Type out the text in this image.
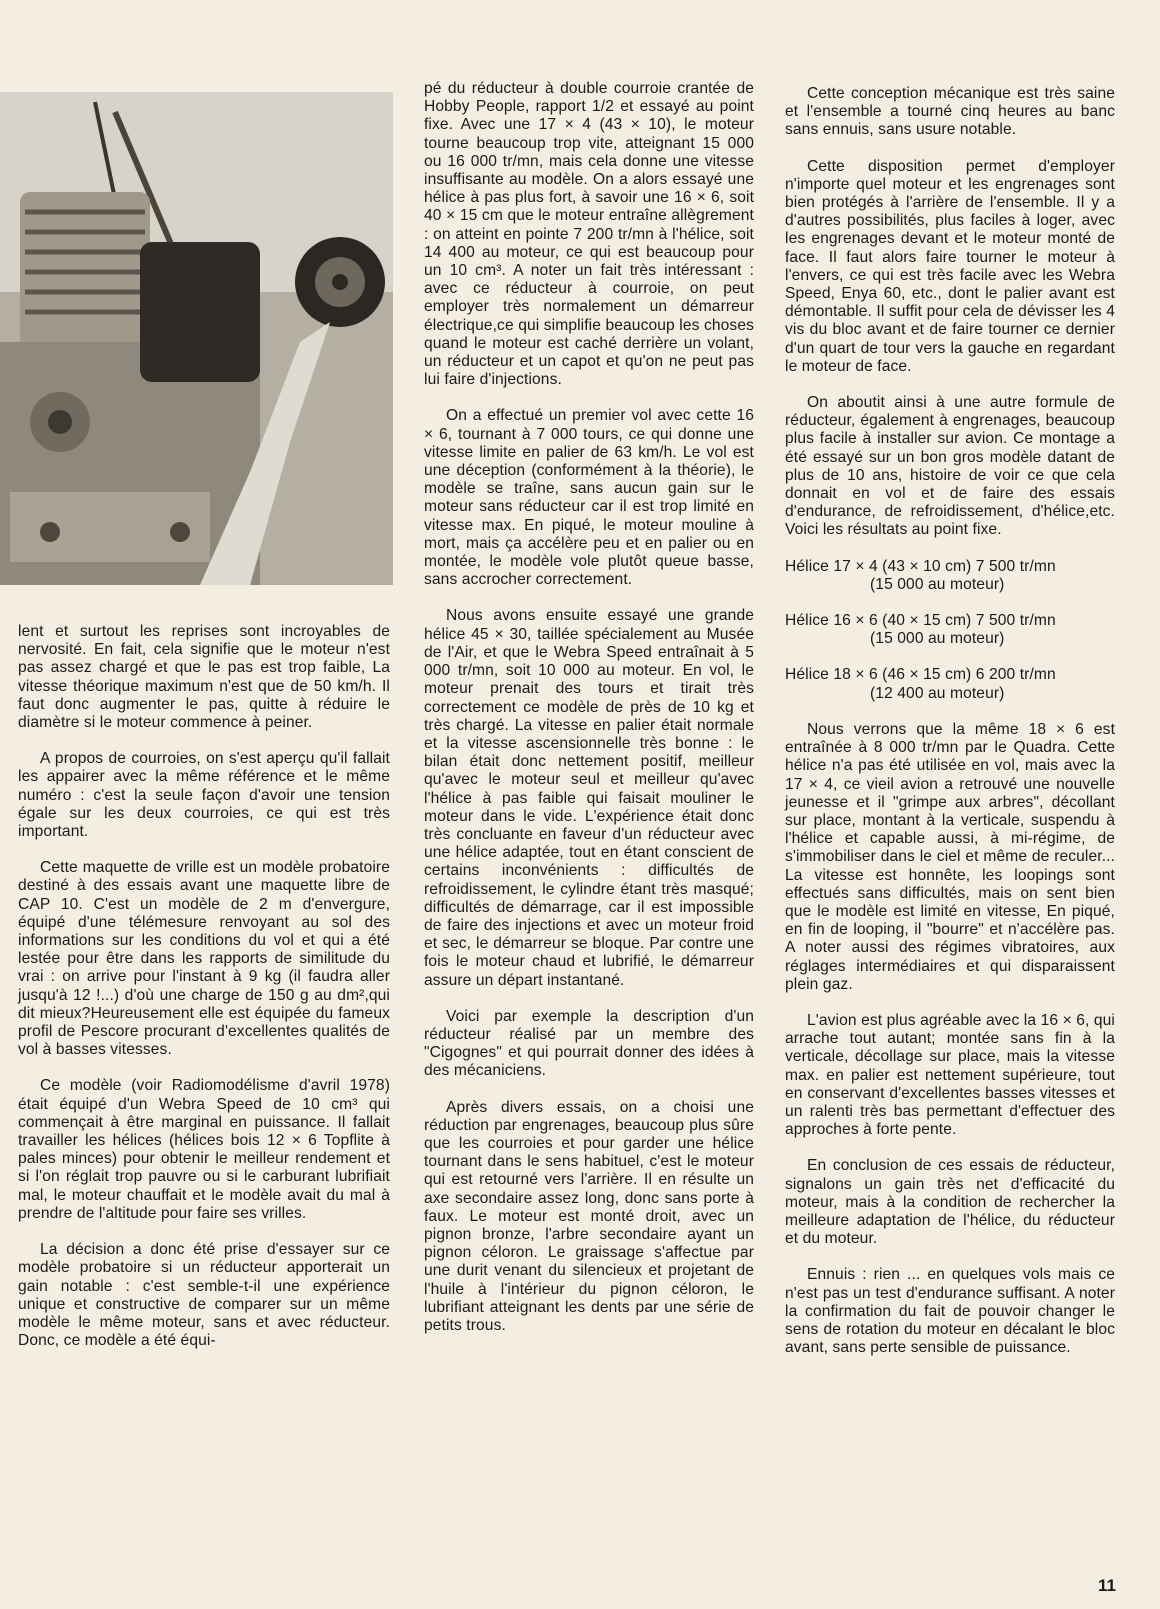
lent et surtout les reprises sont incroyables de nervosité. En fait, cela signifie que le moteur n'est pas assez chargé et que le pas est trop faible, La vitesse théorique maximum n'est que de 50 km/h. Il faut donc augmenter le pas, quitte à réduire le diamètre si le moteur commence à peiner.

A propos de courroies, on s'est aperçu qu'il fallait les appairer avec la même référence et le même numéro : c'est la seule façon d'avoir une tension égale sur les deux courroies, ce qui est très important.

Cette maquette de vrille est un modèle probatoire destiné à des essais avant une maquette libre de CAP 10. C'est un modèle de 2 m d'envergure, équipé d'une télémesure renvoyant au sol des informations sur les conditions du vol et qui a été lestée pour être dans les rapports de similitude du vrai : on arrive pour l'instant à 9 kg (il faudra aller jusqu'à 12 !...) d'où une charge de 150 g au dm²,qui dit mieux?Heureusement elle est équipée du fameux profil de Pescore procurant d'excellentes qualités de vol à basses vitesses.

Ce modèle (voir Radiomodélisme d'avril 1978) était équipé d'un Webra Speed de 10 cm³ qui commençait à être marginal en puissance. Il fallait travailler les hélices (hélices bois 12 × 6 Topflite à pales minces) pour obtenir le meilleur rendement et si l'on réglait trop pauvre ou si le carburant lubrifiait mal, le moteur chauffait et le modèle avait du mal à prendre de l'altitude pour faire ses vrilles.

La décision a donc été prise d'essayer sur ce modèle probatoire si un réducteur apporterait un gain notable : c'est semble-t-il une expérience unique et constructive de comparer sur un même modèle le même moteur, sans et avec réducteur. Donc, ce modèle a été équi-

pé du réducteur à double courroie crantée de Hobby People, rapport 1/2 et essayé au point fixe. Avec une 17 × 4 (43 × 10), le moteur tourne beaucoup trop vite, atteignant 15 000 ou 16 000 tr/mn, mais cela donne une vitesse insuffisante au modèle. On a alors essayé une hélice à pas plus fort, à savoir une 16 × 6, soit 40 × 15 cm que le moteur entraîne allègrement : on atteint en pointe 7 200 tr/mn à l'hélice, soit 14 400 au moteur, ce qui est beaucoup pour un 10 cm³. A noter un fait très intéressant : avec ce réducteur à courroie, on peut employer très normalement un démarreur électrique,ce qui simplifie beaucoup les choses quand le moteur est caché derrière un volant, un réducteur et un capot et qu'on ne peut pas lui faire d'injections.

On a effectué un premier vol avec cette 16 × 6, tournant à 7 000 tours, ce qui donne une vitesse limite en palier de 63 km/h. Le vol est une déception (conformément à la théorie), le modèle se traîne, sans aucun gain sur le moteur sans réducteur car il est trop limité en vitesse max. En piqué, le moteur mouline à mort, mais ça accélère peu et en palier ou en montée, le modèle vole plutôt queue basse, sans accrocher correctement.

Nous avons ensuite essayé une grande hélice 45 × 30, taillée spécialement au Musée de l'Air, et que le Webra Speed entraînait à 5 000 tr/mn, soit 10 000 au moteur. En vol, le moteur prenait des tours et tirait très correctement ce modèle de près de 10 kg et très chargé. La vitesse en palier était normale et la vitesse ascensionnelle très bonne : le bilan était donc nettement positif, meilleur qu'avec le moteur seul et meilleur qu'avec l'hélice à pas faible qui faisait mouliner le moteur dans le vide. L'expérience était donc très concluante en faveur d'un réducteur avec une hélice adaptée, tout en étant conscient de certains inconvénients : difficultés de refroidissement, le cylindre étant très masqué; difficultés de démarrage, car il est impossible de faire des injections et avec un moteur froid et sec, le démarreur se bloque. Par contre une fois le moteur chaud et lubrifié, le démarreur assure un départ instantané.

Voici par exemple la description d'un réducteur réalisé par un membre des "Cigognes" et qui pourrait donner des idées à des mécaniciens.

Après divers essais, on a choisi une réduction par engrenages, beaucoup plus sûre que les courroies et pour garder une hélice tournant dans le sens habituel, c'est le moteur qui est retourné vers l'arrière. Il en résulte un axe secondaire assez long, donc sans porte à faux. Le moteur est monté droit, avec un pignon bronze, l'arbre secondaire ayant un pignon céloron. Le graissage s'affectue par une durit venant du silencieux et projetant de l'huile à l'intérieur du pignon céloron, le lubrifiant atteignant les dents par une série de petits trous.

Cette conception mécanique est très saine et l'ensemble a tourné cinq heures au banc sans ennuis, sans usure notable.

Cette disposition permet d'employer n'importe quel moteur et les engrenages sont bien protégés à l'arrière de l'ensemble. Il y a d'autres possibilités, plus faciles à loger, avec les engrenages devant et le moteur monté de face. Il faut alors faire tourner le moteur à l'envers, ce qui est très facile avec les Webra Speed, Enya 60, etc., dont le palier avant est démontable. Il suffit pour cela de dévisser les 4 vis du bloc avant et de faire tourner ce dernier d'un quart de tour vers la gauche en regardant le moteur de face.

On aboutit ainsi à une autre formule de réducteur, également à engrenages, beaucoup plus facile à installer sur avion. Ce montage a été essayé sur un bon gros modèle datant de plus de 10 ans, histoire de voir ce que cela donnait en vol et de faire des essais d'endurance, de refroidissement, d'hélice,etc. Voici les résultats au point fixe.

Hélice 17 × 4 (43 × 10 cm) 7 500 tr/mn
(15 000 au moteur)

Hélice 16 × 6 (40 × 15 cm) 7 500 tr/mn
(15 000 au moteur)

Hélice 18 × 6 (46 × 15 cm) 6 200 tr/mn
(12 400 au moteur)

Nous verrons que la même 18 × 6 est entraînée à 8 000 tr/mn par le Quadra. Cette hélice n'a pas été utilisée en vol, mais avec la 17 × 4, ce vieil avion a retrouvé une nouvelle jeunesse et il "grimpe aux arbres", décollant sur place, montant à la verticale, suspendu à l'hélice et capable aussi, à mi-régime, de s'immobiliser dans le ciel et même de reculer... La vitesse est honnête, les loopings sont effectués sans difficultés, mais on sent bien que le modèle est limité en vitesse, En piqué, en fin de looping, il "bourre" et n'accélère pas. A noter aussi des régimes vibratoires, aux réglages intermédiaires et qui disparaissent plein gaz.

L'avion est plus agréable avec la 16 × 6, qui arrache tout autant; montée sans fin à la verticale, décollage sur place, mais la vitesse max. en palier est nettement supérieure, tout en conservant d'excellentes basses vitesses et un ralenti très bas permettant d'effectuer des approches à forte pente.

En conclusion de ces essais de réducteur, signalons un gain très net d'efficacité du moteur, mais à la condition de rechercher la meilleure adaptation de l'hélice, du réducteur et du moteur.

Ennuis : rien ... en quelques vols mais ce n'est pas un test d'endurance suffisant. A noter la confirmation du fait de pouvoir changer le sens de rotation du moteur en décalant le bloc avant, sans perte sensible de puissance.

11
